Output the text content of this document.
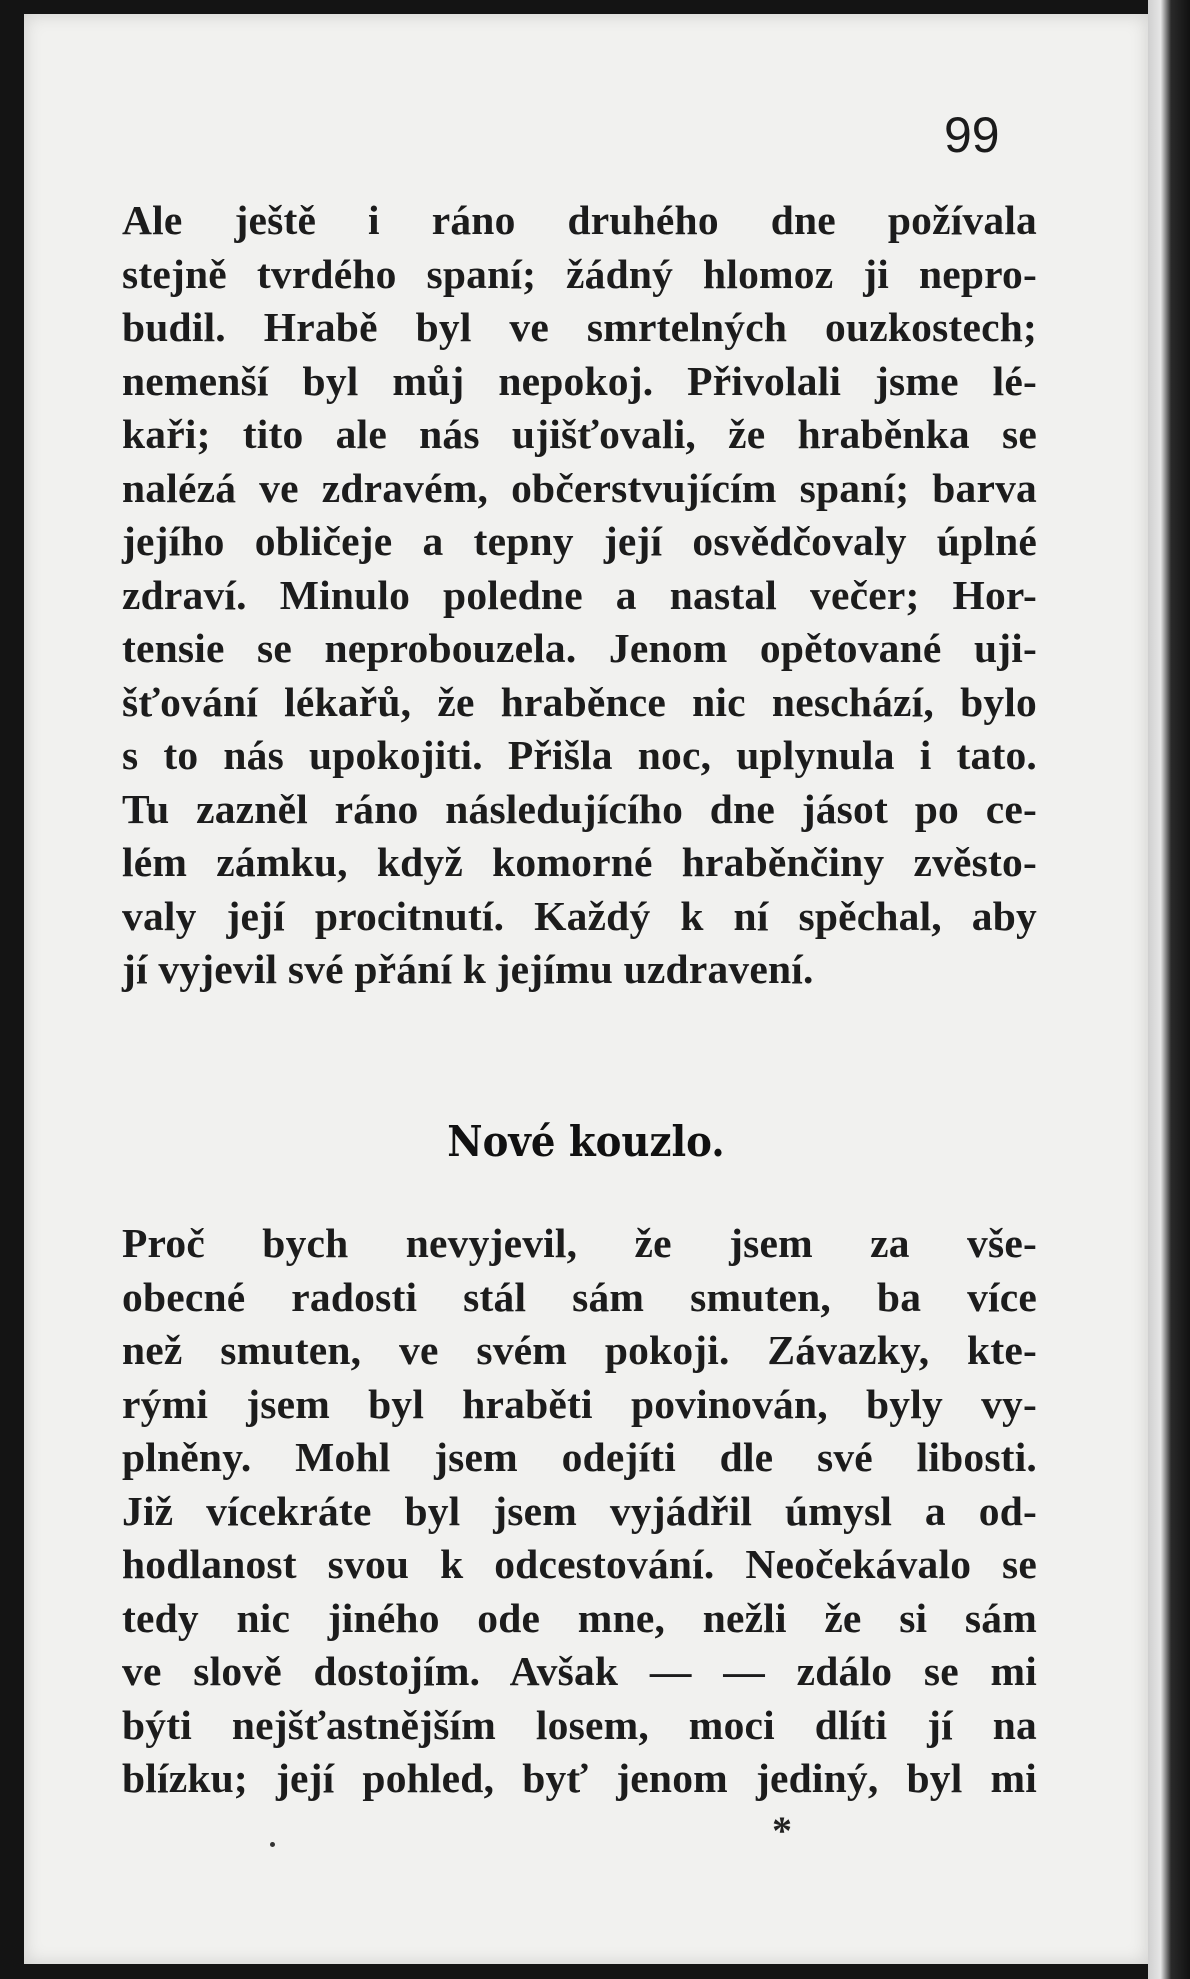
99
Ale ještě i ráno druhého dne požívala
stejně tvrdého spaní; žádný hlomoz ji nepro-
budil. Hrabě byl ve smrtelných ouzkostech;
nemenší byl můj nepokoj. Přivolali jsme lé-
kaři; tito ale nás ujišťovali, že hraběnka se
nalézá ve zdravém, občerstvujícím spaní; barva
jejího obličeje a tepny její osvědčovaly úplné
zdraví. Minulo poledne a nastal večer; Hor-
tensie se neprobouzela. Jenom opětované uji-
šťování lékařů, že hraběnce nic neschází, bylo
s to nás upokojiti. Přišla noc, uplynula i tato.
Tu zazněl ráno následujícího dne jásot po ce-
lém zámku, když komorné hraběnčiny zvěsto-
valy její procitnutí. Každý k ní spěchal, aby
jí vyjevil své přání k jejímu uzdravení.
Nové kouzlo.
Proč bych nevyjevil, že jsem za vše-
obecné radosti stál sám smuten, ba více
než smuten, ve svém pokoji. Závazky, kte-
rými jsem byl hraběti povinován, byly vy-
plněny. Mohl jsem odejíti dle své libosti.
Již vícekráte byl jsem vyjádřil úmysl a od-
hodlanost svou k odcestování. Neočekávalo se
tedy nic jiného ode mne, nežli že si sám
ve slově dostojím. Avšak — — zdálo se mi
býti nejšťastnějším losem, moci dlíti jí na
blízku; její pohled, byť jenom jediný, byl mi
*
